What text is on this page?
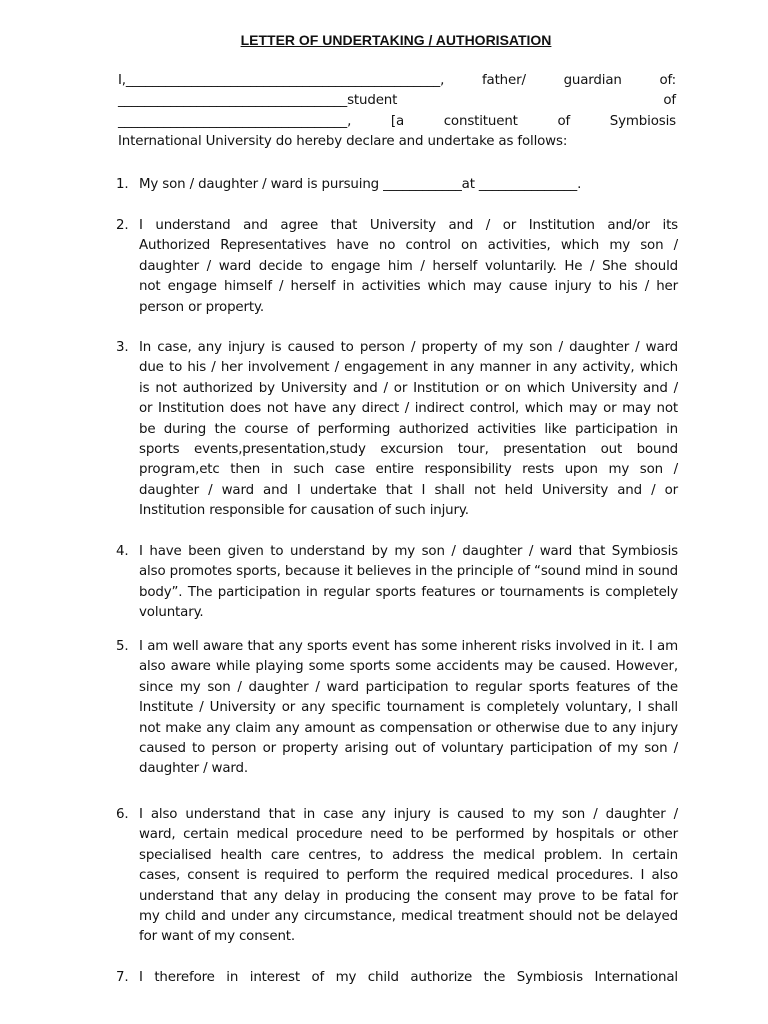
LETTER OF UNDERTAKING / AUTHORISATION
I,________________________________________________, father/ guardian of:
___________________________________student of
___________________________________, [a constituent of Symbiosis
International University do hereby declare and undertake as follows:
1. My son / daughter / ward is pursuing ____________at _______________.
2. I understand and agree that University and / or Institution and/or its
Authorized Representatives have no control on activities, which my son /
daughter / ward decide to engage him / herself voluntarily. He / She should
not engage himself / herself in activities which may cause injury to his / her
person or property.
3. In case, any injury is caused to person / property of my son / daughter / ward
due to his / her involvement / engagement in any manner in any activity, which
is not authorized by University and / or Institution or on which University and /
or Institution does not have any direct / indirect control, which may or may not
be during the course of performing authorized activities like participation in
sports events,presentation,study excursion tour, presentation out bound
program,etc then in such case entire responsibility rests upon my son /
daughter / ward and I undertake that I shall not held University and / or
Institution responsible for causation of such injury.
4. I have been given to understand by my son / daughter / ward that Symbiosis
also promotes sports, because it believes in the principle of “sound mind in sound
body”. The participation in regular sports features or tournaments is completely
voluntary.
5. I am well aware that any sports event has some inherent risks involved in it. I am
also aware while playing some sports some accidents may be caused. However,
since my son / daughter / ward participation to regular sports features of the
Institute / University or any specific tournament is completely voluntary, I shall
not make any claim any amount as compensation or otherwise due to any injury
caused to person or property arising out of voluntary participation of my son /
daughter / ward.
6. I also understand that in case any injury is caused to my son / daughter /
ward, certain medical procedure need to be performed by hospitals or other
specialised health care centres, to address the medical problem. In certain
cases, consent is required to perform the required medical procedures. I also
understand that any delay in producing the consent may prove to be fatal for
my child and under any circumstance, medical treatment should not be delayed
for want of my consent.
7. I therefore in interest of my child authorize the Symbiosis International
